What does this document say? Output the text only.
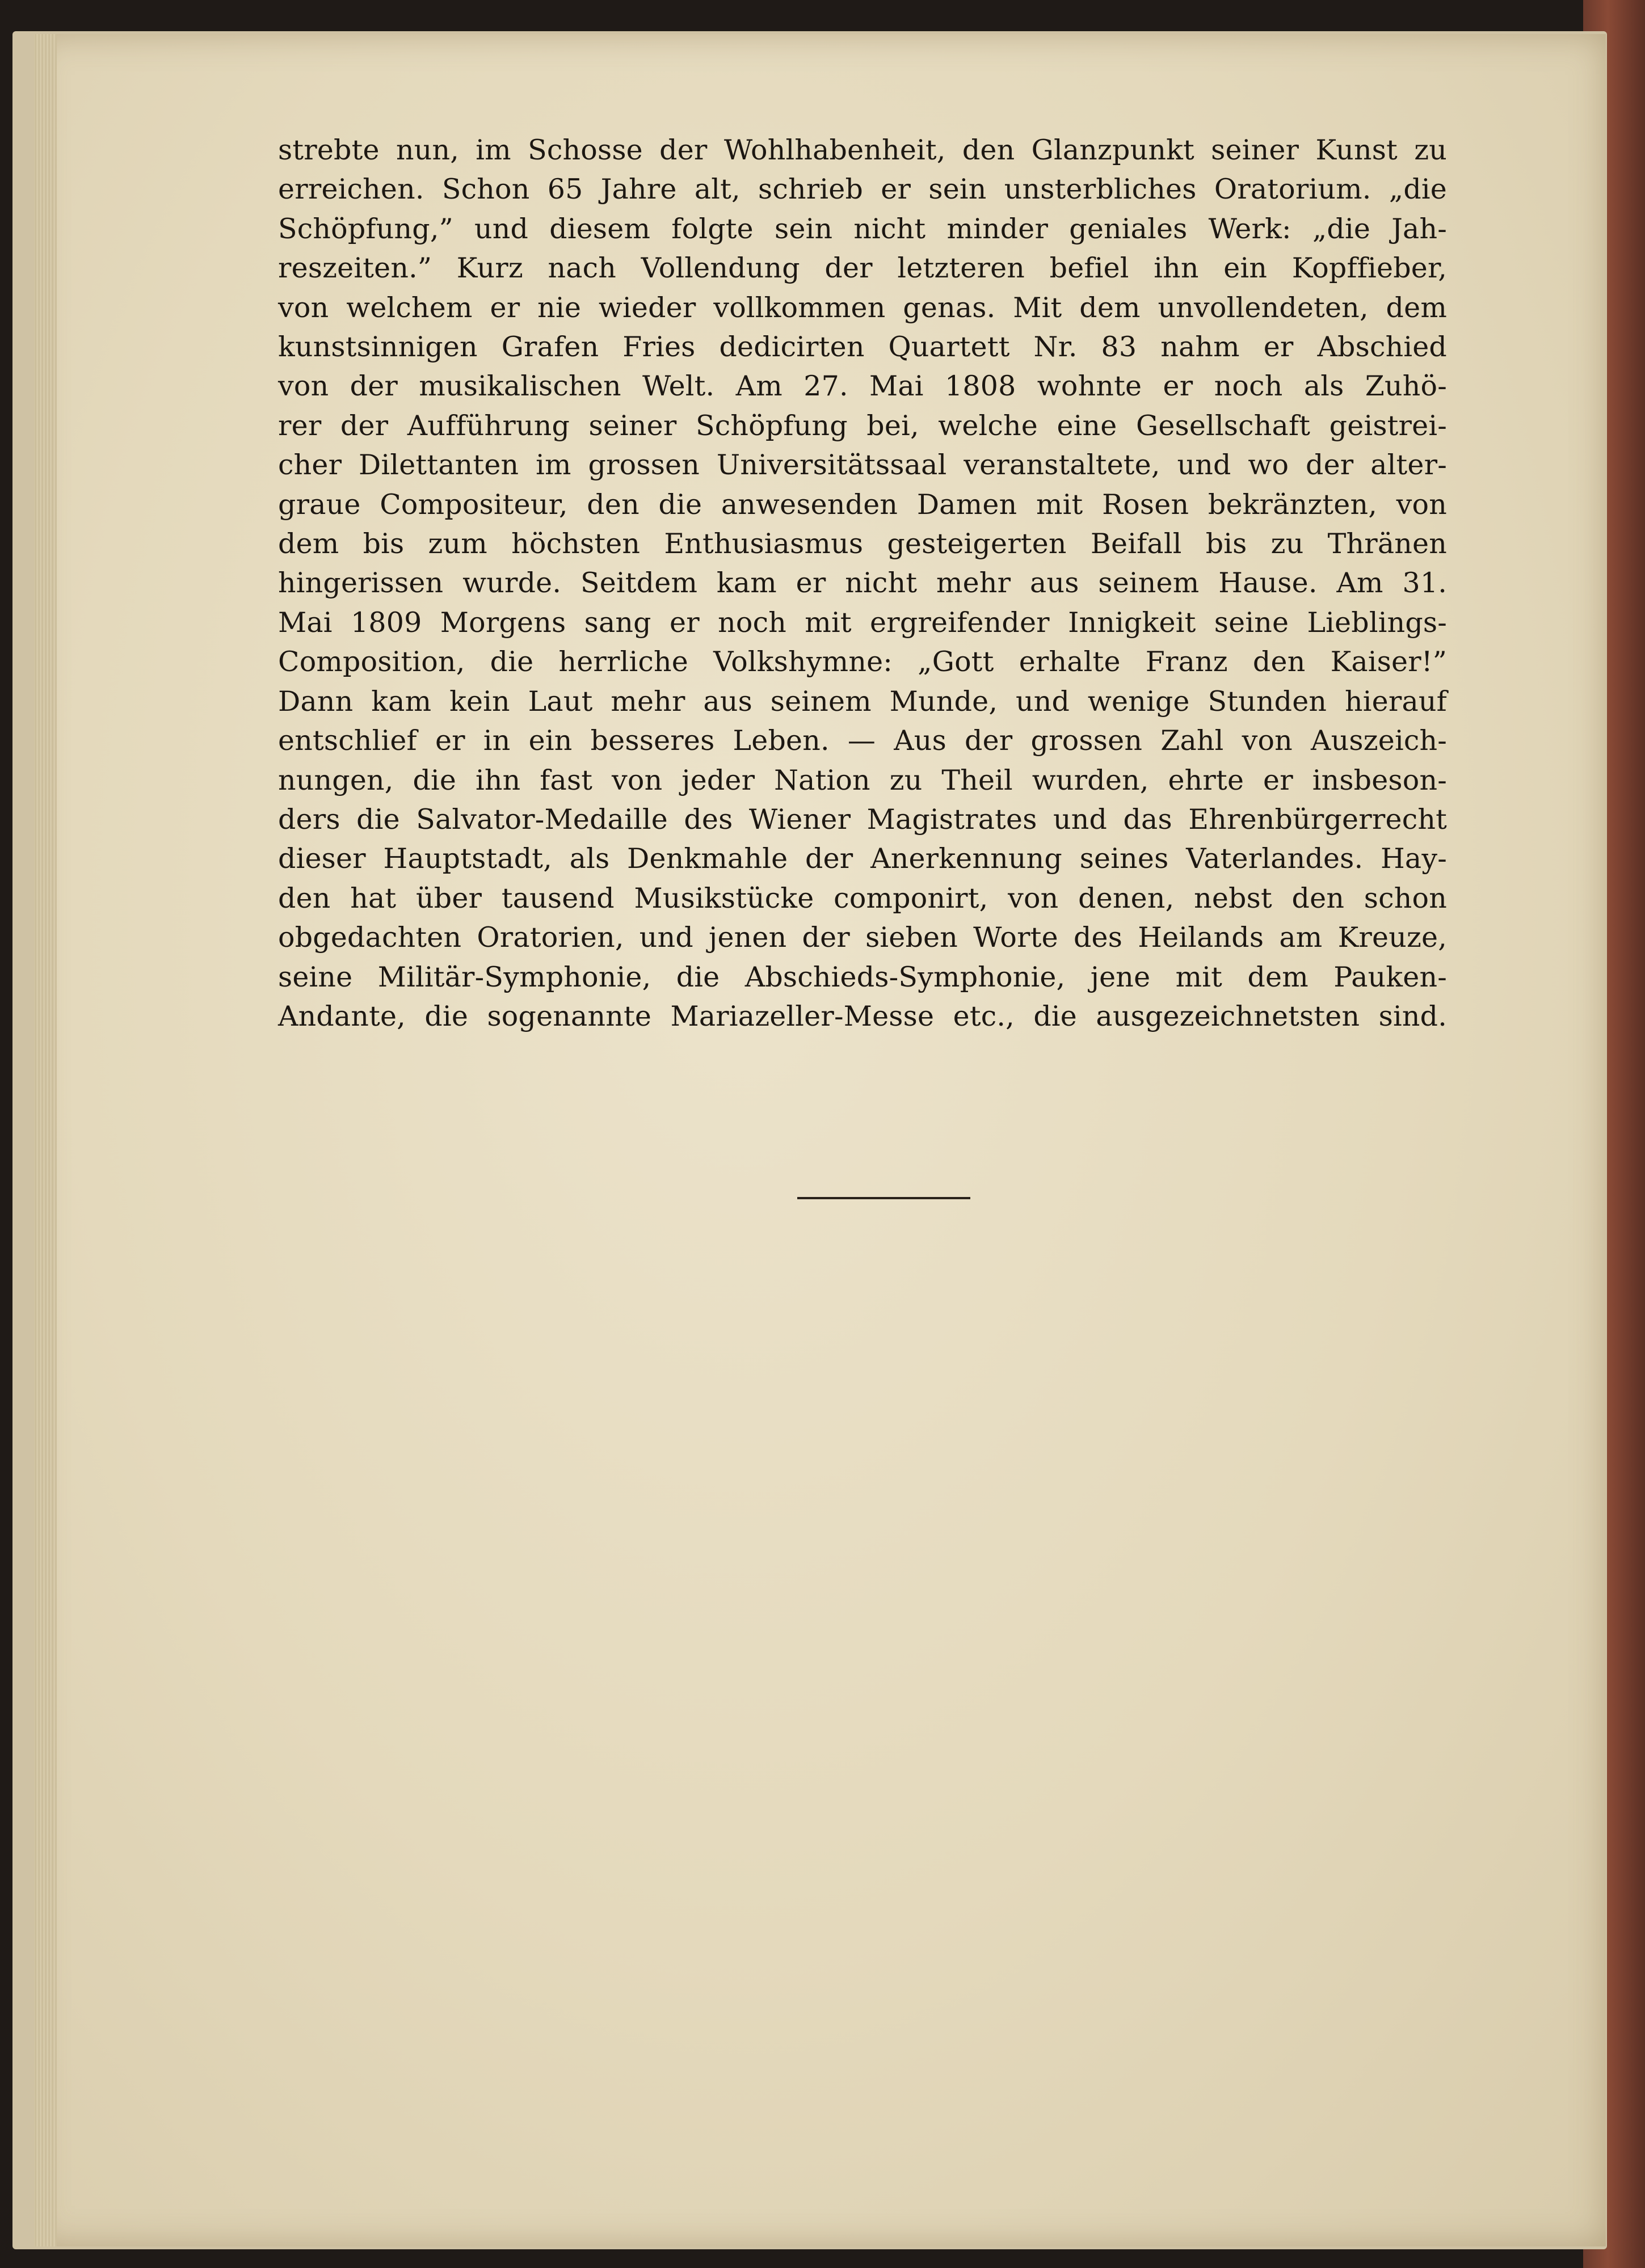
strebte nun, im Schosse der Wohlhabenheit, den Glanzpunkt seiner Kunst zu
erreichen. Schon 65 Jahre alt, schrieb er sein unsterbliches Oratorium. „die
Schöpfung,” und diesem folgte sein nicht minder geniales Werk: „die Jah-
reszeiten.” Kurz nach Vollendung der letzteren befiel ihn ein Kopffieber,
von welchem er nie wieder vollkommen genas. Mit dem unvollendeten, dem
kunstsinnigen Grafen Fries dedicirten Quartett Nr. 83 nahm er Abschied
von der musikalischen Welt. Am 27. Mai 1808 wohnte er noch als Zuhö-
rer der Aufführung seiner Schöpfung bei, welche eine Gesellschaft geistrei-
cher Dilettanten im grossen Universitätssaal veranstaltete, und wo der alter-
graue Compositeur, den die anwesenden Damen mit Rosen bekränzten, von
dem bis zum höchsten Enthusiasmus gesteigerten Beifall bis zu Thränen
hingerissen wurde. Seitdem kam er nicht mehr aus seinem Hause. Am 31.
Mai 1809 Morgens sang er noch mit ergreifender Innigkeit seine Lieblings-
Composition, die herrliche Volkshymne: „Gott erhalte Franz den Kaiser!”
Dann kam kein Laut mehr aus seinem Munde, und wenige Stunden hierauf
entschlief er in ein besseres Leben. — Aus der grossen Zahl von Auszeich-
nungen, die ihn fast von jeder Nation zu Theil wurden, ehrte er insbeson-
ders die Salvator-Medaille des Wiener Magistrates und das Ehrenbürgerrecht
dieser Hauptstadt, als Denkmahle der Anerkennung seines Vaterlandes. Hay-
den hat über tausend Musikstücke componirt, von denen, nebst den schon
obgedachten Oratorien, und jenen der sieben Worte des Heilands am Kreuze,
seine Militär-Symphonie, die Abschieds-Symphonie, jene mit dem Pauken-
Andante, die sogenannte Mariazeller-Messe etc., die ausgezeichnetsten sind.
